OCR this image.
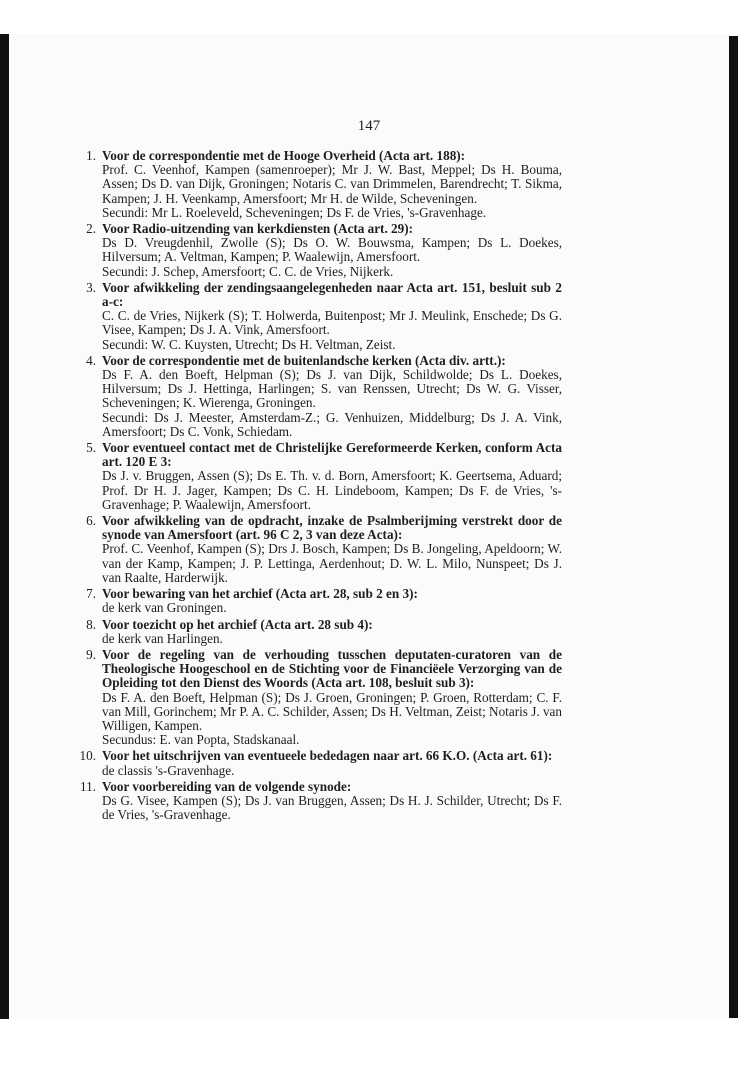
147
1. Voor de correspondentie met de Hooge Overheid (Acta art. 188):
Prof. C. Veenhof, Kampen (samenroeper); Mr J. W. Bast, Meppel; Ds H. Bouma, Assen; Ds D. van Dijk, Groningen; Notaris C. van Drimmelen, Barendrecht; T. Sikma, Kampen; J. H. Veenkamp, Amersfoort; Mr H. de Wilde, Scheveningen.
Secundi: Mr L. Roeleveld, Scheveningen; Ds F. de Vries, 's-Gravenhage.
2. Voor Radio-uitzending van kerkdiensten (Acta art. 29):
Ds D. Vreugdenhil, Zwolle (S); Ds O. W. Bouwsma, Kampen; Ds L. Doekes, Hilversum; A. Veltman, Kampen; P. Waalewijn, Amersfoort.
Secundi: J. Schep, Amersfoort; C. C. de Vries, Nijkerk.
3. Voor afwikkeling der zendingsaangelegenheden naar Acta art. 151, besluit sub 2 a-c:
C. C. de Vries, Nijkerk (S); T. Holwerda, Buitenpost; Mr J. Meulink, Enschede; Ds G. Visee, Kampen; Ds J. A. Vink, Amersfoort.
Secundi: W. C. Kuysten, Utrecht; Ds H. Veltman, Zeist.
4. Voor de correspondentie met de buitenlandsche kerken (Acta div. artt.):
Ds F. A. den Boeft, Helpman (S); Ds J. van Dijk, Schildwolde; Ds L. Doekes, Hilversum; Ds J. Hettinga, Harlingen; S. van Renssen, Utrecht; Ds W. G. Visser, Scheveningen; K. Wierenga, Groningen.
Secundi: Ds J. Meester, Amsterdam-Z.; G. Venhuizen, Middelburg; Ds J. A. Vink, Amersfoort; Ds C. Vonk, Schiedam.
5. Voor eventueel contact met de Christelijke Gereformeerde Kerken, conform Acta art. 120 E 3:
Ds J. v. Bruggen, Assen (S); Ds E. Th. v. d. Born, Amersfoort; K. Geertsema, Aduard; Prof. Dr H. J. Jager, Kampen; Ds C. H. Lindeboom, Kampen; Ds F. de Vries, 's-Gravenhage; P. Waalewijn, Amersfoort.
6. Voor afwikkeling van de opdracht, inzake de Psalmberijming verstrekt door de synode van Amersfoort (art. 96 C 2, 3 van deze Acta):
Prof. C. Veenhof, Kampen (S); Drs J. Bosch, Kampen; Ds B. Jongeling, Apeldoorn; W. van der Kamp, Kampen; J. P. Lettinga, Aerdenhout; D. W. L. Milo, Nunspeet; Ds J. van Raalte, Harderwijk.
7. Voor bewaring van het archief (Acta art. 28, sub 2 en 3):
de kerk van Groningen.
8. Voor toezicht op het archief (Acta art. 28 sub 4):
de kerk van Harlingen.
9. Voor de regeling van de verhouding tusschen deputaten-curatoren van de Theologische Hoogeschool en de Stichting voor de Financiëele Verzorging van de Opleiding tot den Dienst des Woords (Acta art. 108, besluit sub 3):
Ds F. A. den Boeft, Helpman (S); Ds J. Groen, Groningen; P. Groen, Rotterdam; C. F. van Mill, Gorinchem; Mr P. A. C. Schilder, Assen; Ds H. Veltman, Zeist; Notaris J. van Willigen, Kampen.
Secundus: E. van Popta, Stadskanaal.
10. Voor het uitschrijven van eventueele bededagen naar art. 66 K.O. (Acta art. 61):
de classis 's-Gravenhage.
11. Voor voorbereiding van de volgende synode:
Ds G. Visee, Kampen (S); Ds J. van Bruggen, Assen; Ds H. J. Schilder, Utrecht; Ds F. de Vries, 's-Gravenhage.
